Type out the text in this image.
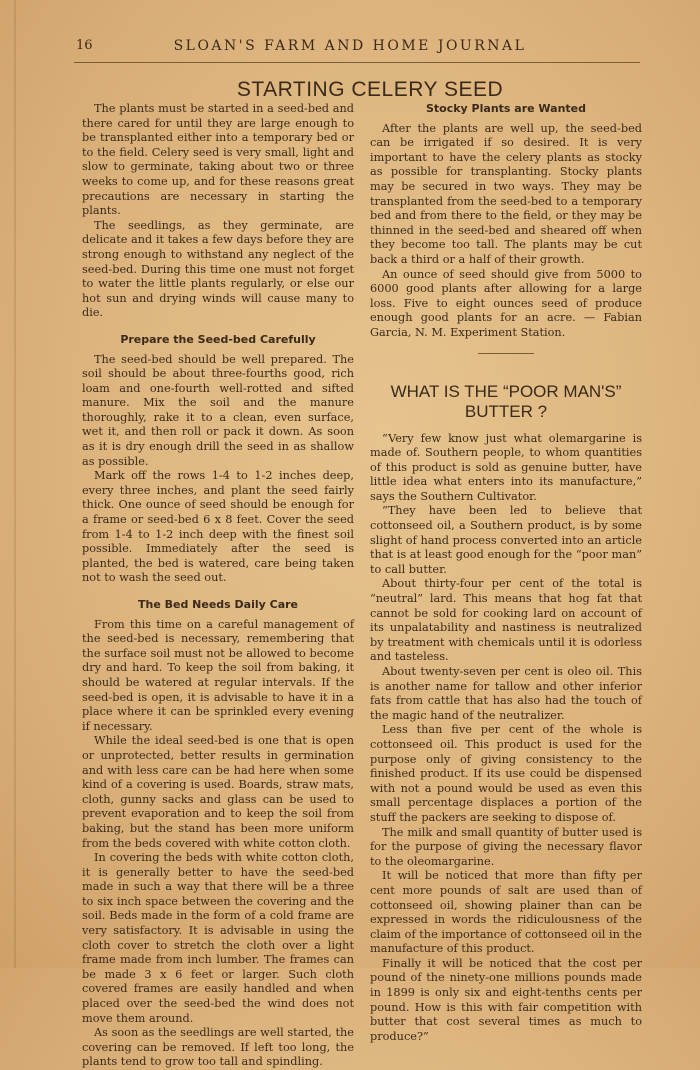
16	SLOAN'S FARM AND HOME JOURNAL
STARTING CELERY SEED

The plants must be started in a seed-bed and there cared for until they are large enough to be transplanted either into a temporary bed or to the field. Celery seed is very small, light and slow to germinate, taking about two or three weeks to come up, and for these reasons great precautions are necessary in starting the plants.

The seedlings, as they germinate, are delicate and it takes a few days before they are strong enough to withstand any neglect of the seed-bed. During this time one must not forget to water the little plants regularly, or else our hot sun and drying winds will cause many to die.

Prepare the Seed-bed Carefully

The seed-bed should be well prepared. The soil should be about three-fourths good, rich loam and one-fourth well-rotted and sifted manure. Mix the soil and the manure thoroughly, rake it to a clean, even surface, wet it, and then roll or pack it down. As soon as it is dry enough drill the seed in as shallow as possible.

Mark off the rows 1-4 to 1-2 inches deep, every three inches, and plant the seed fairly thick. One ounce of seed should be enough for a frame or seed-bed 6 x 8 feet. Cover the seed from 1-4 to 1-2 inch deep with the finest soil possible. Immediately after the seed is planted, the bed is watered, care being taken not to wash the seed out.

The Bed Needs Daily Care

From this time on a careful management of the seed-bed is necessary, remembering that the surface soil must not be allowed to become dry and hard. To keep the soil from baking, it should be watered at regular intervals. If the seed-bed is open, it is advisable to have it in a place where it can be sprinkled every evening if necessary.

While the ideal seed-bed is one that is open or unprotected, better results in germination and with less care can be had here when some kind of a covering is used. Boards, straw mats, cloth, gunny sacks and glass can be used to prevent evaporation and to keep the soil from baking, but the stand has been more uniform from the beds covered with white cotton cloth.

In covering the beds with white cotton cloth, it is generally better to have the seed-bed made in such a way that there will be a three to six inch space between the covering and the soil. Beds made in the form of a cold frame are very satisfactory. It is advisable in using the cloth cover to stretch the cloth over a light frame made from inch lumber. The frames can be made 3 x 6 feet or larger. Such cloth covered frames are easily handled and when placed over the seed-bed the wind does not move them around.

As soon as the seedlings are well started, the covering can be removed. If left too long, the plants tend to grow too tall and spindling.

Stocky Plants are Wanted

After the plants are well up, the seed-bed can be irrigated if so desired. It is very important to have the celery plants as stocky as possible for transplanting. Stocky plants may be secured in two ways. They may be transplanted from the seed-bed to a temporary bed and from there to the field, or they may be thinned in the seed-bed and sheared off when they become too tall. The plants may be cut back a third or a half of their growth.

An ounce of seed should give from 5000 to 6000 good plants after allowing for a large loss. Five to eight ounces seed of produce enough good plants for an acre. — Fabian Garcia, N. M. Experiment Station.

WHAT IS THE “POOR MAN'S”
BUTTER ?

“Very few know just what olemargarine is made of. Southern people, to whom quantities of this product is sold as genuine butter, have little idea what enters into its manufacture,” says the Southern Cultivator.

“They have been led to believe that cottonseed oil, a Southern product, is by some slight of hand process converted into an article that is at least good enough for the “poor man” to call butter.

About thirty-four per cent of the total is “neutral” lard. This means that hog fat that cannot be sold for cooking lard on account of its unpalatability and nastiness is neutralized by treatment with chemicals until it is odorless and tasteless.

About twenty-seven per cent is oleo oil. This is another name for tallow and other inferior fats from cattle that has also had the touch of the magic hand of the neutralizer.

Less than five per cent of the whole is cottonseed oil. This product is used for the purpose only of giving consistency to the finished product. If its use could be dispensed with not a pound would be used as even this small percentage displaces a portion of the stuff the packers are seeking to dispose of.

The milk and small quantity of butter used is for the purpose of giving the necessary flavor to the oleomargarine.

It will be noticed that more than fifty per cent more pounds of salt are used than of cottonseed oil, showing plainer than can be expressed in words the ridiculousness of the claim of the importance of cottonseed oil in the manufacture of this product.

Finally it will be noticed that the cost per pound of the ninety-one millions pounds made in 1899 is only six and eight-tenths cents per pound. How is this with fair competition with butter that cost several times as much to produce?”
